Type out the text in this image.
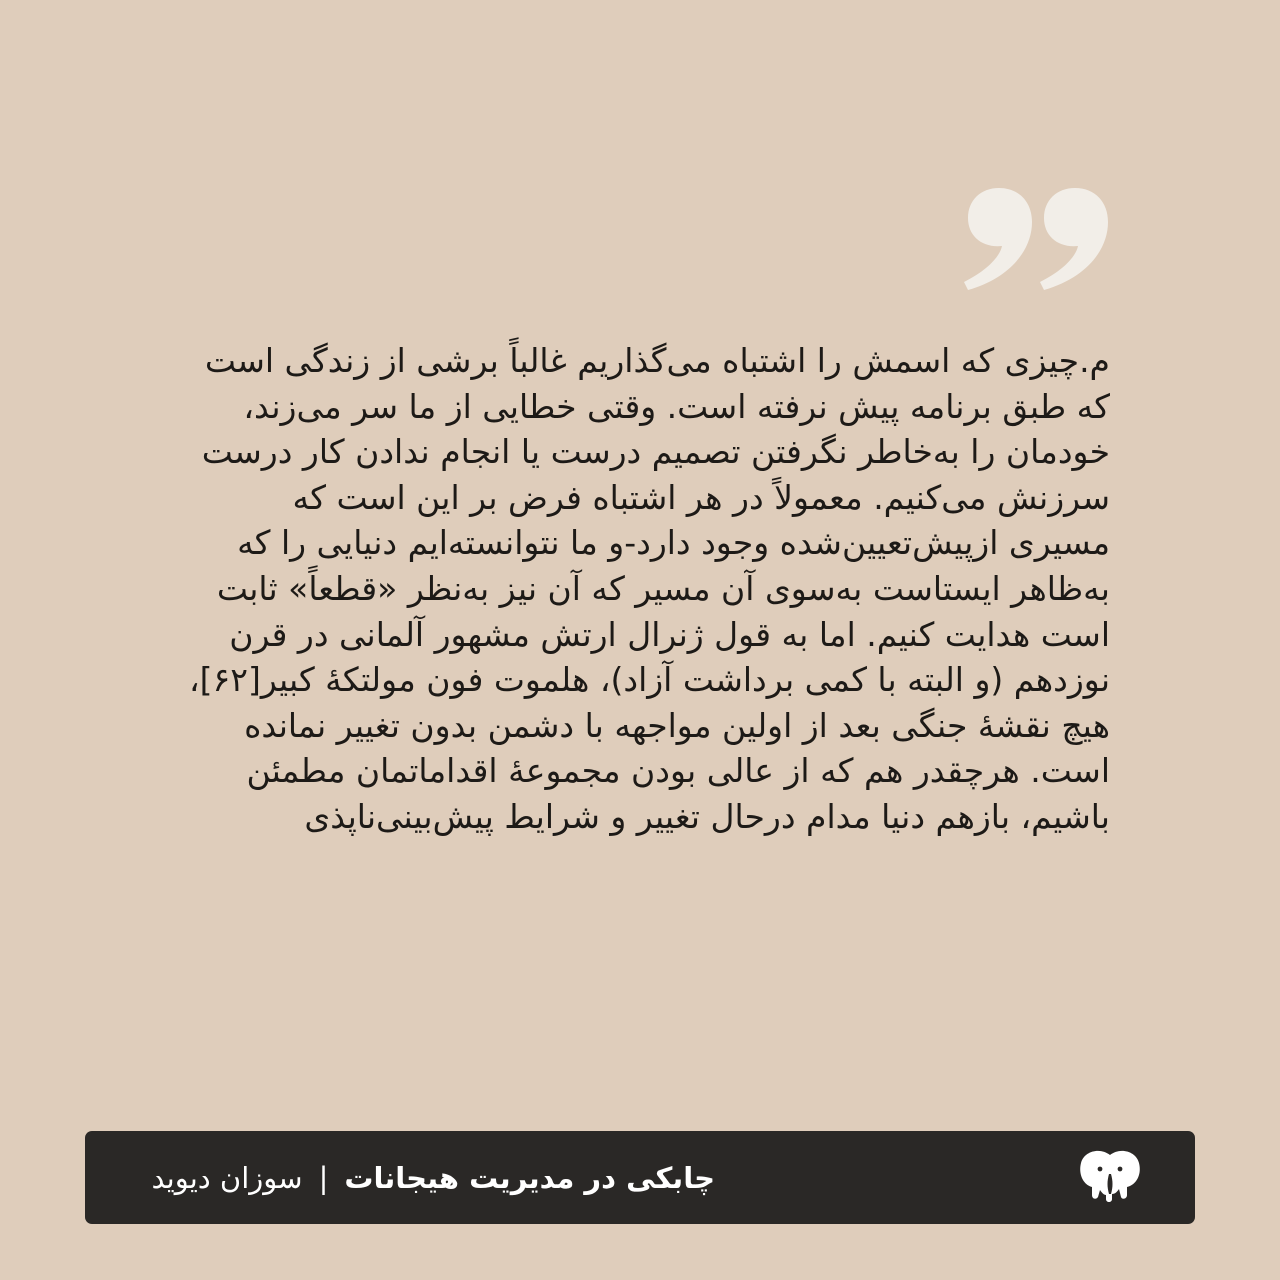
م.چیزی که اسمش را اشتباه می‌گذاریم غالباً برشی از زندگی است که طبق برنامه پیش نرفته است. وقتی خطایی از ما سر می‌زند، خودمان را به‌خاطر نگرفتن تصمیم درست یا انجام ندادن کار درست سرزنش می‌کنیم. معمولاً در هر اشتباه فرض بر این است که مسیری ازپیش‌تعیین‌شده وجود دارد-و ما نتوانسته‌ایم دنیایی را که به‌ظاهر ایستاست به‌سوی آن مسیر که آن نیز به‌نظر «قطعاً» ثابت است هدایت کنیم. اما به قول ژنرال ارتش مشهور آلمانی در قرن نوزدهم (و البته با کمی برداشت آزاد)، هلموت فون مولتکهٔ کبیر[۶۲]، هیچ نقشهٔ جنگی بعد از اولین مواجهه با دشمن بدون تغییر نمانده است. هرچقدر هم که از عالی بودن مجموعهٔ اقداماتمان مطمئن باشیم، بازهم دنیا مدام درحال تغییر و شرایط پیش‌بینی‌ناپذی

چابکی در مدیریت هیجانات
|
سوزان دیوید
